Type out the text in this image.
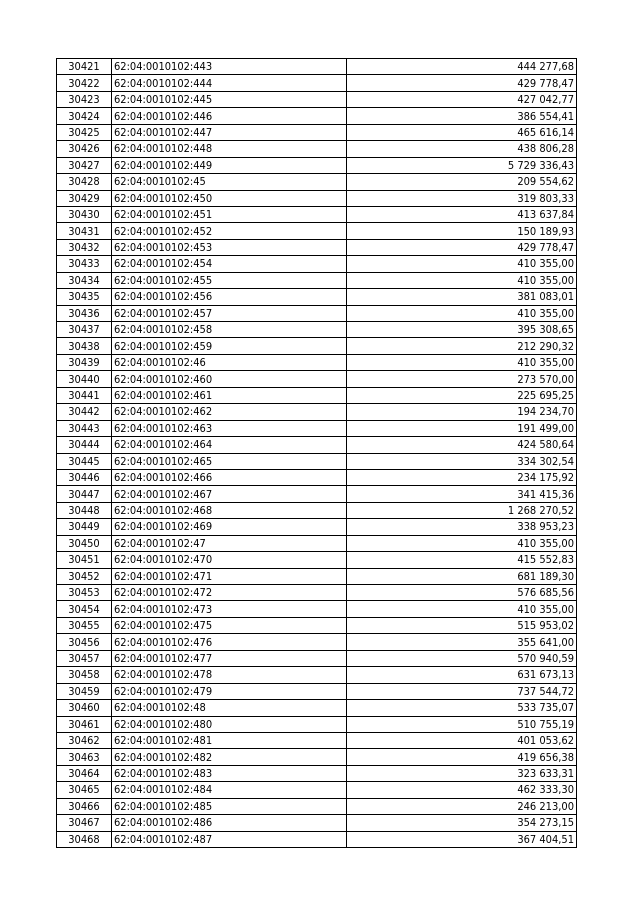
30421	62:04:0010102:443	444 277,68
30422	62:04:0010102:444	429 778,47
30423	62:04:0010102:445	427 042,77
30424	62:04:0010102:446	386 554,41
30425	62:04:0010102:447	465 616,14
30426	62:04:0010102:448	438 806,28
30427	62:04:0010102:449	5 729 336,43
30428	62:04:0010102:45	209 554,62
30429	62:04:0010102:450	319 803,33
30430	62:04:0010102:451	413 637,84
30431	62:04:0010102:452	150 189,93
30432	62:04:0010102:453	429 778,47
30433	62:04:0010102:454	410 355,00
30434	62:04:0010102:455	410 355,00
30435	62:04:0010102:456	381 083,01
30436	62:04:0010102:457	410 355,00
30437	62:04:0010102:458	395 308,65
30438	62:04:0010102:459	212 290,32
30439	62:04:0010102:46	410 355,00
30440	62:04:0010102:460	273 570,00
30441	62:04:0010102:461	225 695,25
30442	62:04:0010102:462	194 234,70
30443	62:04:0010102:463	191 499,00
30444	62:04:0010102:464	424 580,64
30445	62:04:0010102:465	334 302,54
30446	62:04:0010102:466	234 175,92
30447	62:04:0010102:467	341 415,36
30448	62:04:0010102:468	1 268 270,52
30449	62:04:0010102:469	338 953,23
30450	62:04:0010102:47	410 355,00
30451	62:04:0010102:470	415 552,83
30452	62:04:0010102:471	681 189,30
30453	62:04:0010102:472	576 685,56
30454	62:04:0010102:473	410 355,00
30455	62:04:0010102:475	515 953,02
30456	62:04:0010102:476	355 641,00
30457	62:04:0010102:477	570 940,59
30458	62:04:0010102:478	631 673,13
30459	62:04:0010102:479	737 544,72
30460	62:04:0010102:48	533 735,07
30461	62:04:0010102:480	510 755,19
30462	62:04:0010102:481	401 053,62
30463	62:04:0010102:482	419 656,38
30464	62:04:0010102:483	323 633,31
30465	62:04:0010102:484	462 333,30
30466	62:04:0010102:485	246 213,00
30467	62:04:0010102:486	354 273,15
30468	62:04:0010102:487	367 404,51
